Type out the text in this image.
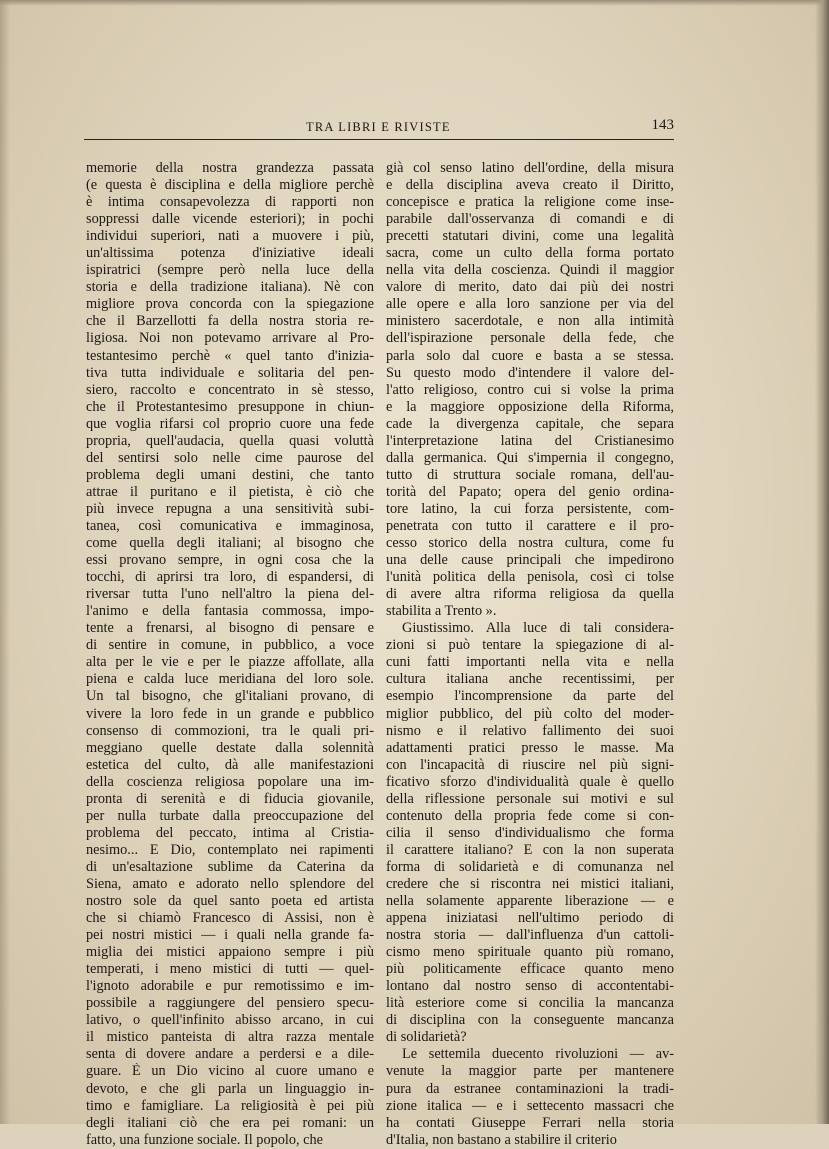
TRA LIBRI E RIVISTE	143
memorie della nostra grandezza passata
(e questa è disciplina e della migliore perchè
è intima consapevolezza di rapporti non
soppressi dalle vicende esteriori); in pochi
individui superiori, nati a muovere i più,
un'altissima potenza d'iniziative ideali
ispiratrici (sempre però nella luce della
storia e della tradizione italiana). Nè con
migliore prova concorda con la spiegazione
che il Barzellotti fa della nostra storia re-
ligiosa. Noi non potevamo arrivare al Pro-
testantesimo perchè « quel tanto d'inizia-
tiva tutta individuale e solitaria del pen-
siero, raccolto e concentrato in sè stesso,
che il Protestantesimo presuppone in chiun-
que voglia rifarsi col proprio cuore una fede
propria, quell'audacia, quella quasi voluttà
del sentirsi solo nelle cime paurose del
problema degli umani destini, che tanto
attrae il puritano e il pietista, è ciò che
più invece repugna a una sensitività subi-
tanea, così comunicativa e immaginosa,
come quella degli italiani; al bisogno che
essi provano sempre, in ogni cosa che la
tocchi, di aprirsi tra loro, di espandersi, di
riversar tutta l'uno nell'altro la piena del-
l'animo e della fantasia commossa, impo-
tente a frenarsi, al bisogno di pensare e
di sentire in comune, in pubblico, a voce
alta per le vie e per le piazze affollate, alla
piena e calda luce meridiana del loro sole.
Un tal bisogno, che gl'italiani provano, di
vivere la loro fede in un grande e pubblico
consenso di commozioni, tra le quali pri-
meggiano quelle destate dalla solennità
estetica del culto, dà alle manifestazioni
della coscienza religiosa popolare una im-
pronta di serenità e di fiducia giovanile,
per nulla turbate dalla preoccupazione del
problema del peccato, intima al Cristia-
nesimo... E Dio, contemplato nei rapimenti
di un'esaltazione sublime da Caterina da
Siena, amato e adorato nello splendore del
nostro sole da quel santo poeta ed artista
che si chiamò Francesco di Assisi, non è
pei nostri mistici — i quali nella grande fa-
miglia dei mistici appaiono sempre i più
temperati, i meno mistici di tutti — quel-
l'ignoto adorabile e pur remotissimo e im-
possibile a raggiungere del pensiero specu-
lativo, o quell'infinito abisso arcano, in cui
il mistico panteista di altra razza mentale
senta di dovere andare a perdersi e a dile-
guare. È un Dio vicino al cuore umano e
devoto, e che gli parla un linguaggio in-
timo e famigliare. La religiosità è pei più
degli italiani ciò che era pei romani: un
fatto, una funzione sociale. Il popolo, che
già col senso latino dell'ordine, della misura
e della disciplina aveva creato il Diritto,
concepisce e pratica la religione come inse-
parabile dall'osservanza di comandi e di
precetti statutari divini, come una legalità
sacra, come un culto della forma portato
nella vita della coscienza. Quindi il maggior
valore di merito, dato dai più dei nostri
alle opere e alla loro sanzione per via del
ministero sacerdotale, e non alla intimità
dell'ispirazione personale della fede, che
parla solo dal cuore e basta a se stessa.
Su questo modo d'intendere il valore del-
l'atto religioso, contro cui si volse la prima
e la maggiore opposizione della Riforma,
cade la divergenza capitale, che separa
l'interpretazione latina del Cristianesimo
dalla germanica. Qui s'impernia il congegno,
tutto di struttura sociale romana, dell'au-
torità del Papato; opera del genio ordina-
tore latino, la cui forza persistente, com-
penetrata con tutto il carattere e il pro-
cesso storico della nostra cultura, come fu
una delle cause principali che impedirono
l'unità politica della penisola, così ci tolse
di avere altra riforma religiosa da quella
stabilita a Trento ».
Giustissimo. Alla luce di tali considera-
zioni si può tentare la spiegazione di al-
cuni fatti importanti nella vita e nella
cultura italiana anche recentissimi, per
esempio l'incomprensione da parte del
miglior pubblico, del più colto del moder-
nismo e il relativo fallimento dei suoi
adattamenti pratici presso le masse. Ma
con l'incapacità di riuscire nel più signi-
ficativo sforzo d'individualità quale è quello
della riflessione personale sui motivi e sul
contenuto della propria fede come si con-
cilia il senso d'individualismo che forma
il carattere italiano? E con la non superata
forma di solidarietà e di comunanza nel
credere che si riscontra nei mistici italiani,
nella solamente apparente liberazione — e
appena iniziatasi nell'ultimo periodo di
nostra storia — dall'influenza d'un cattoli-
cismo meno spirituale quanto più romano,
più politicamente efficace quanto meno
lontano dal nostro senso di accontentabi-
lità esteriore come si concilia la mancanza
di disciplina con la conseguente mancanza
di solidarietà?
Le settemila duecento rivoluzioni — av-
venute la maggior parte per mantenere
pura da estranee contaminazioni la tradi-
zione italica — e i settecento massacri che
ha contati Giuseppe Ferrari nella storia
d'Italia, non bastano a stabilire il criterio
